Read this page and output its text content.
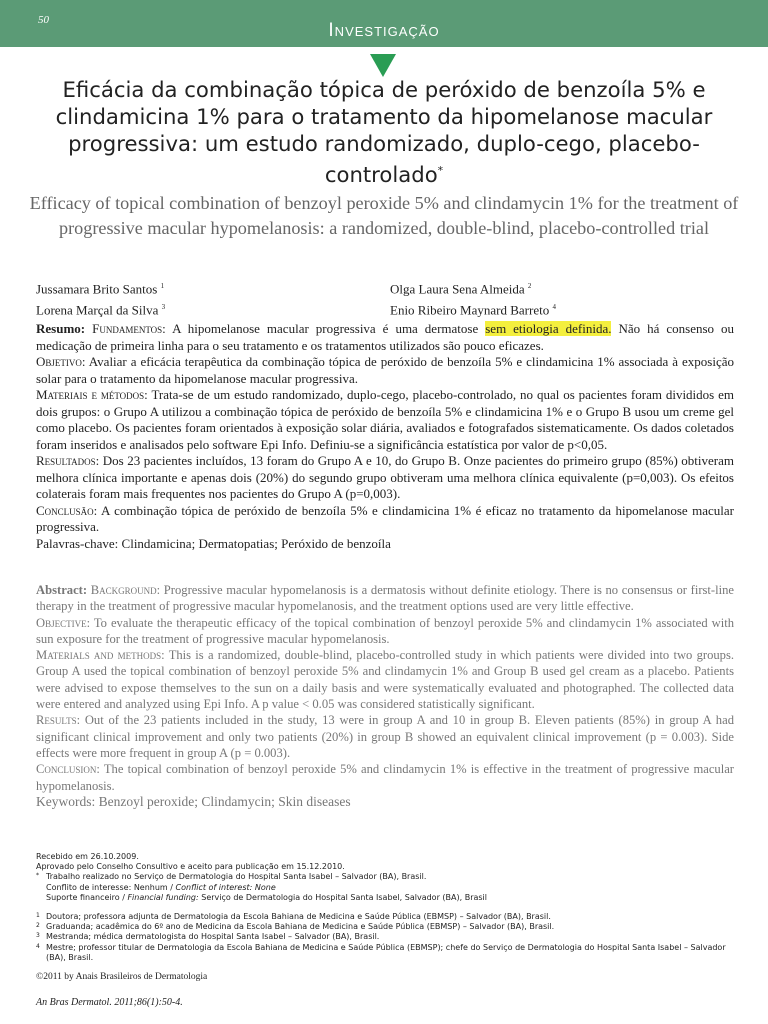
50	Investigação
Eficácia da combinação tópica de peróxido de benzoíla 5% e clindamicina 1% para o tratamento da hipomelanose macular progressiva: um estudo randomizado, duplo-cego, placebo-controlado*
Efficacy of topical combination of benzoyl peroxide 5% and clindamycin 1% for the treatment of progressive macular hypomelanosis: a randomized, double-blind, placebo-controlled trial
Jussamara Brito Santos $^1$
Lorena Marçal da Silva $^3$
Olga Laura Sena Almeida $^2$
Enio Ribeiro Maynard Barreto $^4$

Resumo: Fundamentos: A hipomelanose macular progressiva é uma dermatose sem etiologia definida. Não há consenso ou medicação de primeira linha para o seu tratamento e os tratamentos utilizados são pouco eficazes.

Objetivo: Avaliar a eficácia terapêutica da combinação tópica de peróxido de benzoíla 5% e clindamicina 1% associada à exposição solar para o tratamento da hipomelanose macular progressiva.

Materiais e métodos: Trata-se de um estudo randomizado, duplo-cego, placebo-controlado, no qual os pacientes foram divididos em dois grupos: o Grupo A utilizou a combinação tópica de peróxido de benzoíla 5% e clindamicina 1% e o Grupo B usou um creme gel como placebo. Os pacientes foram orientados à exposição solar diária, avaliados e fotografados sistematicamente. Os dados coletados foram inseridos e analisados pelo software Epi Info. Definiu-se a significância estatística por valor de p<0,05.

Resultados: Dos 23 pacientes incluídos, 13 foram do Grupo A e 10, do Grupo B. Onze pacientes do primeiro grupo (85%) obtiveram melhora clínica importante e apenas dois (20%) do segundo grupo obtiveram uma melhora clínica equivalente (p=0,003). Os efeitos colaterais foram mais frequentes nos pacientes do Grupo A (p=0,003).

Conclusão: A combinação tópica de peróxido de benzoíla 5% e clindamicina 1% é eficaz no tratamento da hipomelanose macular progressiva.

Palavras-chave: Clindamicina; Dermatopatias; Peróxido de benzoíla

Abstract: Background: Progressive macular hypomelanosis is a dermatosis without definite etiology. There is no consensus or first-line therapy in the treatment of progressive macular hypomelanosis, and the treatment options used are very little effective.

Objective: To evaluate the therapeutic efficacy of the topical combination of benzoyl peroxide 5% and clindamycin 1% associated with sun exposure for the treatment of progressive macular hypomelanosis.

Materials and methods: This is a randomized, double-blind, placebo-controlled study in which patients were divided into two groups. Group A used the topical combination of benzoyl peroxide 5% and clindamycin 1% and Group B used gel cream as a placebo. Patients were advised to expose themselves to the sun on a daily basis and were systematically evaluated and photographed. The collected data were entered and analyzed using Epi Info. A p value < 0.05 was considered statistically significant.

Results: Out of the 23 patients included in the study, 13 were in group A and 10 in group B. Eleven patients (85%) in group A had significant clinical improvement and only two patients (20%) in group B showed an equivalent clinical improvement (p = 0.003). Side effects were more frequent in group A (p = 0.003).

Conclusion: The topical combination of benzoyl peroxide 5% and clindamycin 1% is effective in the treatment of progressive macular hypomelanosis.

Keywords: Benzoyl peroxide; Clindamycin; Skin diseases

Recebido em 26.10.2009.

Aprovado pelo Conselho Consultivo e aceito para publicação em 15.12.2010.

* Trabalho realizado no Serviço de Dermatologia do Hospital Santa Isabel – Salvador (BA), Brasil.

Conflito de interesse: Nenhum / Conflict of interest: None

Suporte financeiro / Financial funding: Serviço de Dermatologia do Hospital Santa Isabel, Salvador (BA), Brasil

1 Doutora; professora adjunta de Dermatologia da Escola Bahiana de Medicina e Saúde Pública (EBMSP) – Salvador (BA), Brasil.

2 Graduanda; acadêmica do 6º ano de Medicina da Escola Bahiana de Medicina e Saúde Pública (EBMSP) – Salvador (BA), Brasil.

3 Mestranda; médica dermatologista do Hospital Santa Isabel – Salvador (BA), Brasil.

4 Mestre; professor titular de Dermatologia da Escola Bahiana de Medicina e Saúde Pública (EBMSP); chefe do Serviço de Dermatologia do Hospital Santa Isabel – Salvador (BA), Brasil.

©2011 by Anais Brasileiros de Dermatologia
An Bras Dermatol. 2011;86(1):50-4.
